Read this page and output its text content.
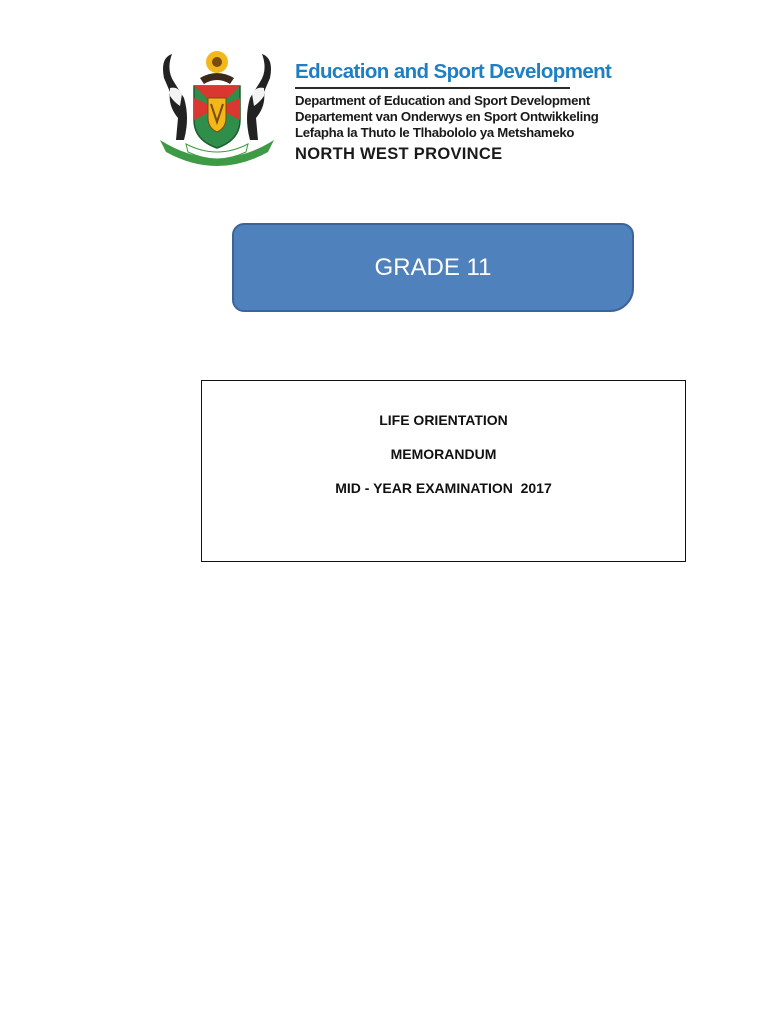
Education and Sport Development
Department of Education and Sport Development
Departement van Onderwys en Sport Ontwikkeling
Lefapha la Thuto le Tlhabololo ya Metshameko
NORTH WEST PROVINCE
GRADE 11
LIFE ORIENTATION
MEMORANDUM
MID - YEAR EXAMINATION  2017
